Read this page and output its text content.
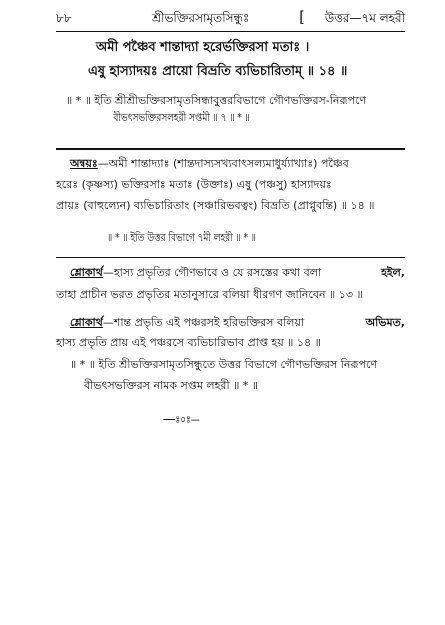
৮৮	শ্রীভক্তিরসামৃতসিন্ধুঃ	[ উত্তর—৭ম লহরী
অমী পঞ্চৈব শান্তাদ্যা হরের্ভক্তিরসা মতাঃ ।
এষু হাস্যাদয়ঃ প্রায়ো বিভ্রতি ব্যভিচারিতাম্ ॥ ১৪ ॥
॥ * ॥ ইতি শ্রীশ্রীভক্তিরসামৃতসিন্ধাবুত্তরবিভাগে গৌণভক্তিরস-নিরূপণে
বীভৎসভক্তিরসলহরী সপ্তমী ॥ ৭ ॥ * ॥
অন্বয়ঃ—অমী শান্তাদ্যাঃ (শান্তদাস্যসখ্যবাৎসল্যমাধুর্য্যাখ্যাঃ) পঞ্চৈব
হরেঃ (কৃষ্ণস্য) ভক্তিরসাঃ মতাঃ (উক্তাঃ) এষু (পঞ্চসু) হাস্যাদয়ঃ
প্রায়ঃ (বাহুল্যেন) ব্যভিচারিতাং (সঞ্চারিভবত্বং) বিভ্রতি (প্রাপ্নুবন্তি) ॥ ১৪ ॥
॥ * ॥ ইতি উত্তর বিভাগে ৭মী লহরী ॥ * ॥
শ্লোকার্থ—হাস্য প্রভৃতির গৌণভাবে ও যে রসস্তের কথা বলা	হইল,
তাহা প্রাচীন ভরত প্রভৃতির মতানুসারে বলিয়া ধীরগণ জানিবেন ॥ ১৩ ॥
শ্লোকার্থ—শান্ত প্রভৃতি এই পঞ্চরসই হরিভক্তিরস বলিয়া	অভিমত,
হাস্য প্রভৃতি প্রায় এই পঞ্চরসে ব্যভিচারিভাব প্রাপ্ত হয় ॥ ১৪ ॥
॥ * ॥ ইতি শ্রীভক্তিরসামৃতসিন্ধুতে উত্তর বিভাগে গৌণভক্তিরস নিরূপণে
বীভৎসভক্তিরস নামক সপ্তম লহরী ॥ * ॥
—ঃ০ঃ—
